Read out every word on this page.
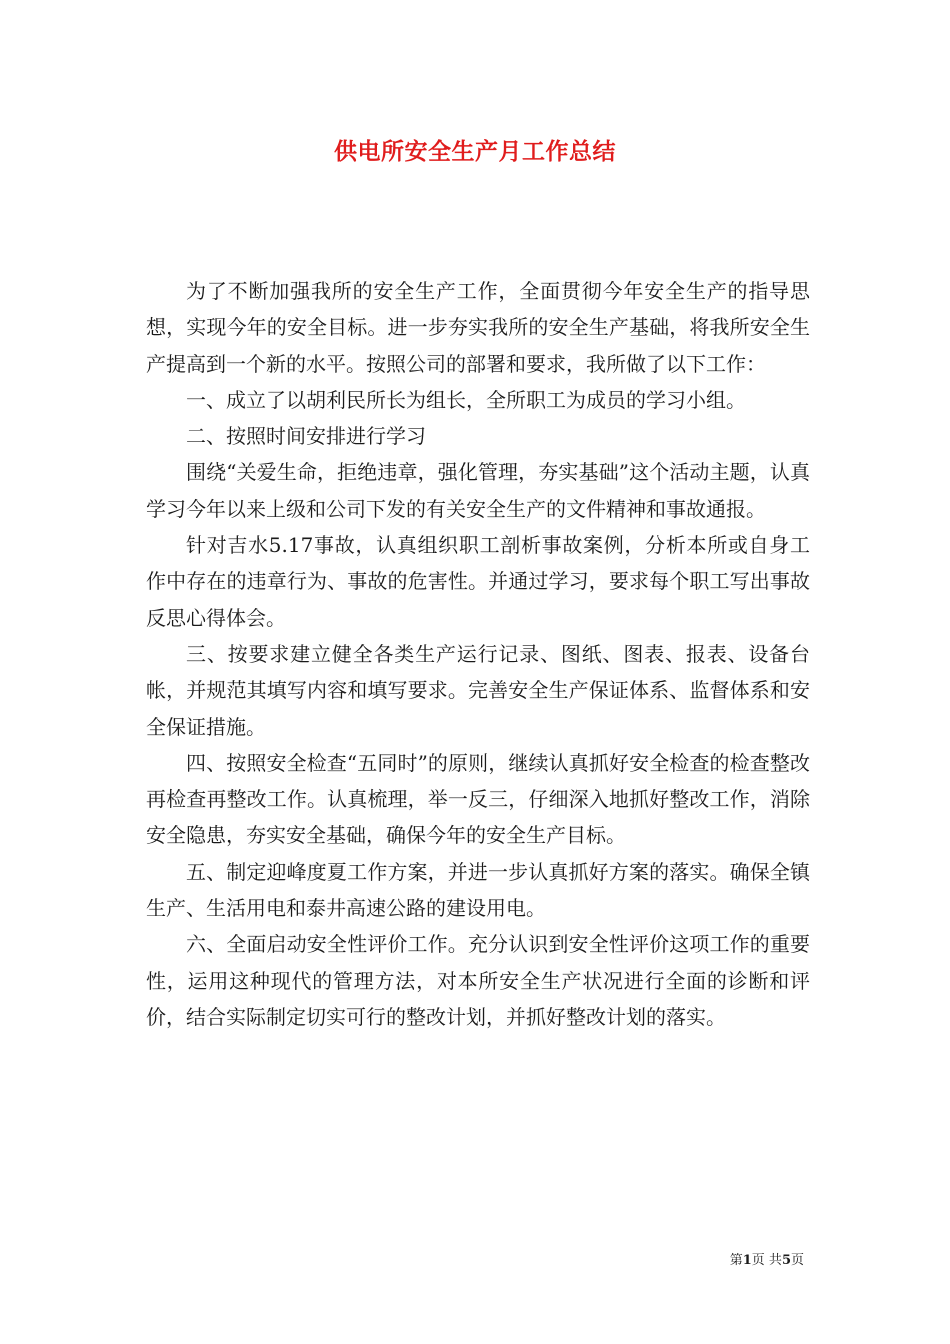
供电所安全生产月工作总结

为了不断加强我所的安全生产工作，全面贯彻今年安全生产的指导思想，实现今年的安全目标。进一步夯实我所的安全生产基础，将我所安全生产提高到一个新的水平。按照公司的部署和要求，我所做了以下工作：

一、成立了以胡利民所长为组长，全所职工为成员的学习小组。

二、按照时间安排进行学习

围绕“关爱生命，拒绝违章，强化管理，夯实基础”这个活动主题，认真学习今年以来上级和公司下发的有关安全生产的文件精神和事故通报。

针对吉水5.17事故，认真组织职工剖析事故案例，分析本所或自身工作中存在的违章行为、事故的危害性。并通过学习，要求每个职工写出事故反思心得体会。

三、按要求建立健全各类生产运行记录、图纸、图表、报表、设备台帐，并规范其填写内容和填写要求。完善安全生产保证体系、监督体系和安全保证措施。

四、按照安全检查“五同时”的原则，继续认真抓好安全检查的检查整改再检查再整改工作。认真梳理，举一反三，仔细深入地抓好整改工作，消除安全隐患，夯实安全基础，确保今年的安全生产目标。

五、制定迎峰度夏工作方案，并进一步认真抓好方案的落实。确保全镇生产、生活用电和泰井高速公路的建设用电。

六、全面启动安全性评价工作。充分认识到安全性评价这项工作的重要性，运用这种现代的管理方法，对本所安全生产状况进行全面的诊断和评价，结合实际制定切实可行的整改计划，并抓好整改计划的落实。

第1页 共5页
